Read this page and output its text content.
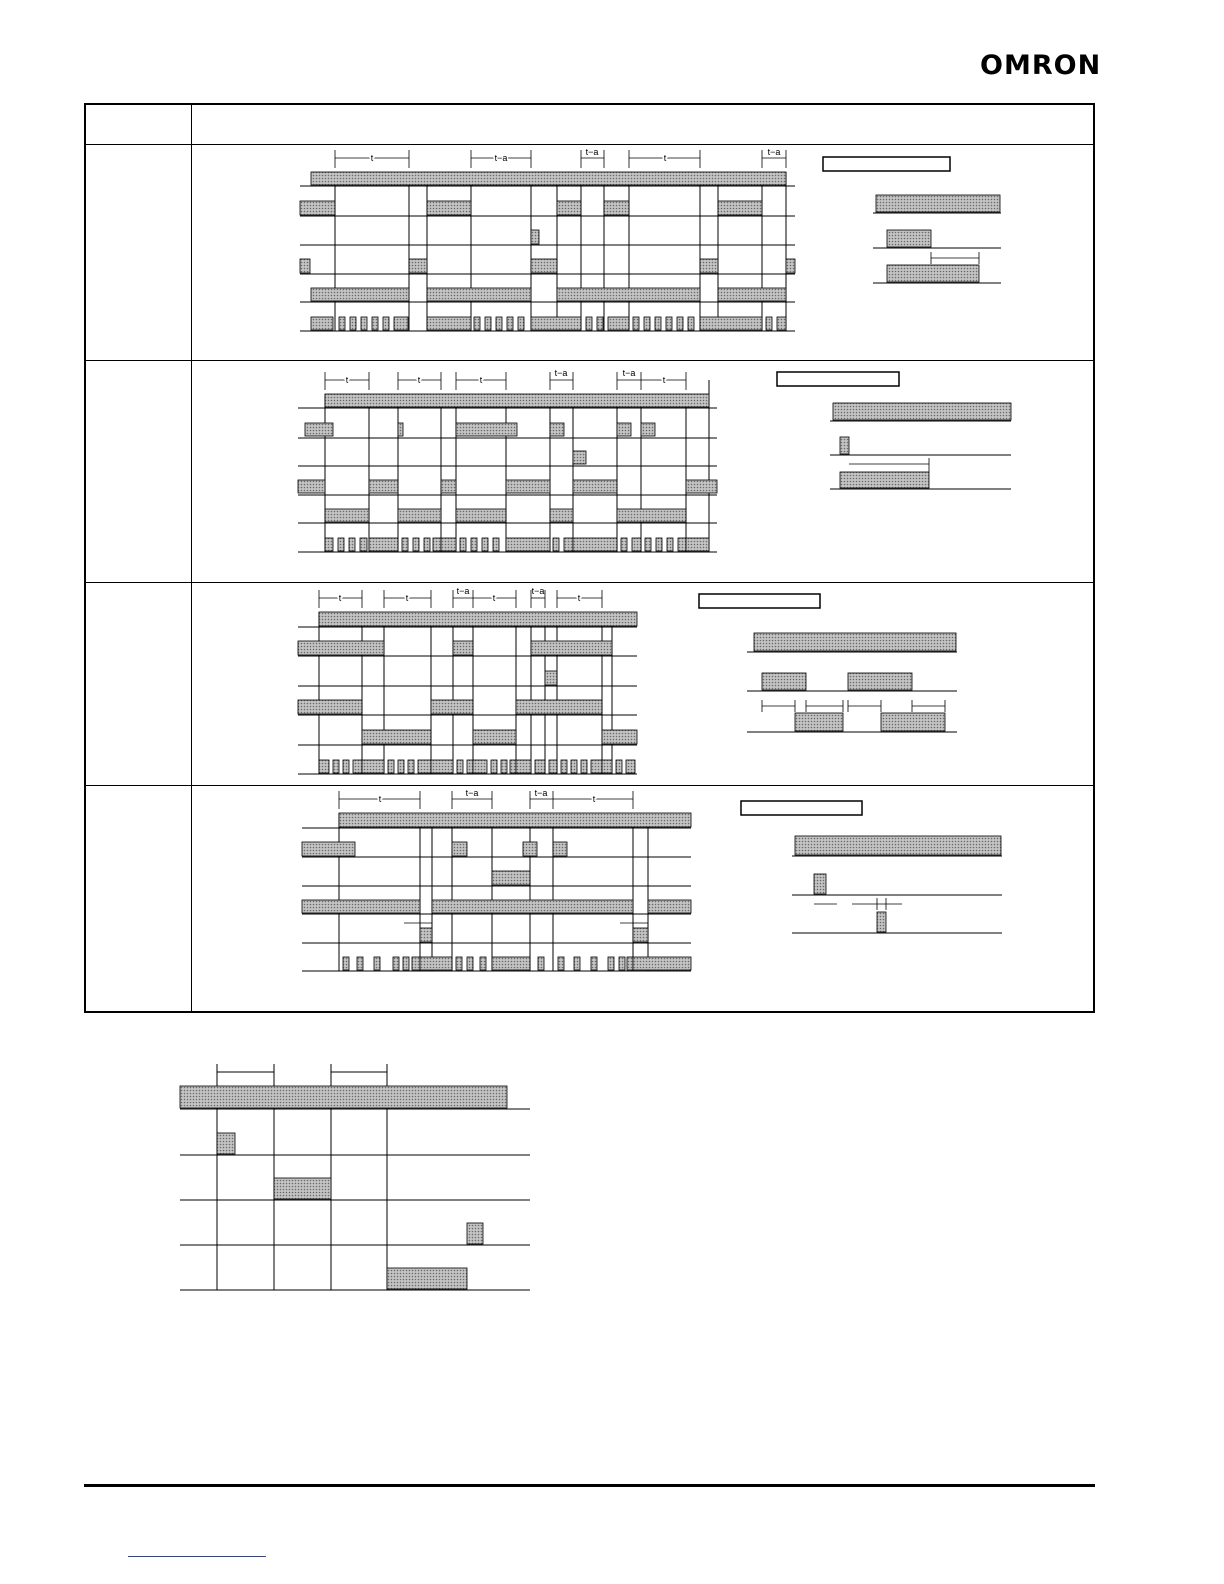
OMRON
t	t−a
t−a
t
t−a
t	t	t
t−a	t−a
t
t	t
t−a
t
t−a
t
t
t−a	t−a
t
